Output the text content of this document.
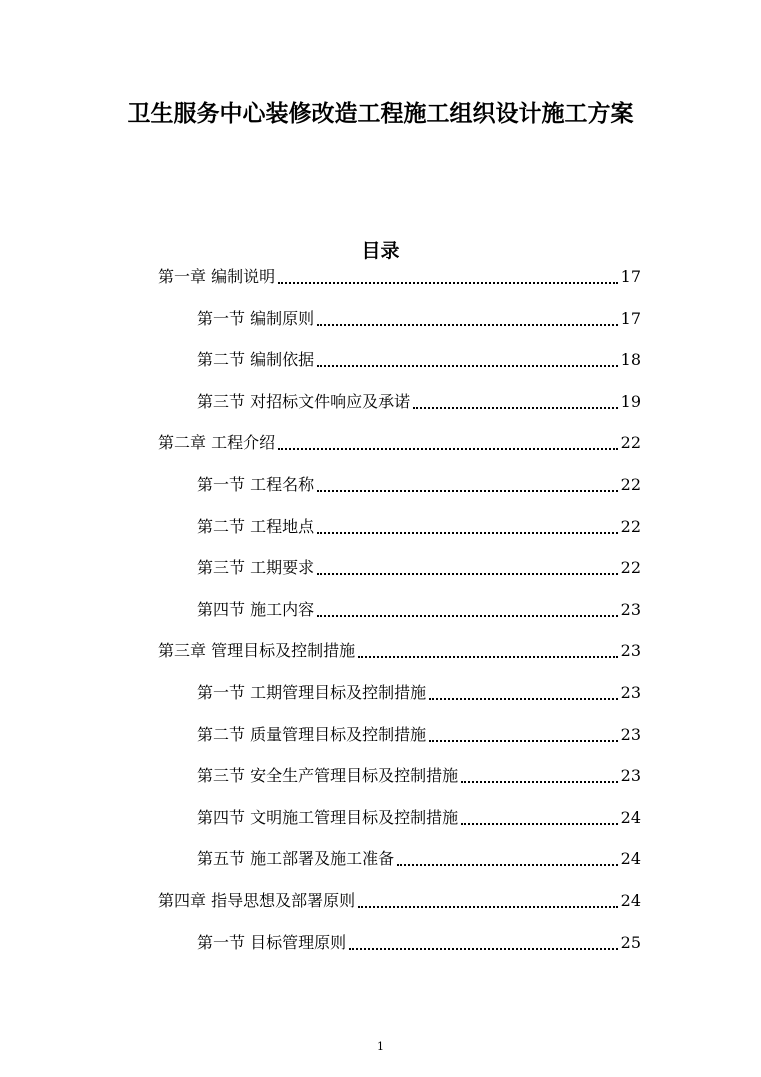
卫生服务中心装修改造工程施工组织设计施工方案
目录
第一章 编制说明	17
第一节 编制原则	17
第二节 编制依据	18
第三节 对招标文件响应及承诺	19
第二章 工程介绍	22
第一节 工程名称	22
第二节 工程地点	22
第三节 工期要求	22
第四节 施工内容	23
第三章 管理目标及控制措施	23
第一节 工期管理目标及控制措施	23
第二节 质量管理目标及控制措施	23
第三节 安全生产管理目标及控制措施	23
第四节 文明施工管理目标及控制措施	24
第五节 施工部署及施工准备	24
第四章 指导思想及部署原则	24
第一节 目标管理原则	25
1
